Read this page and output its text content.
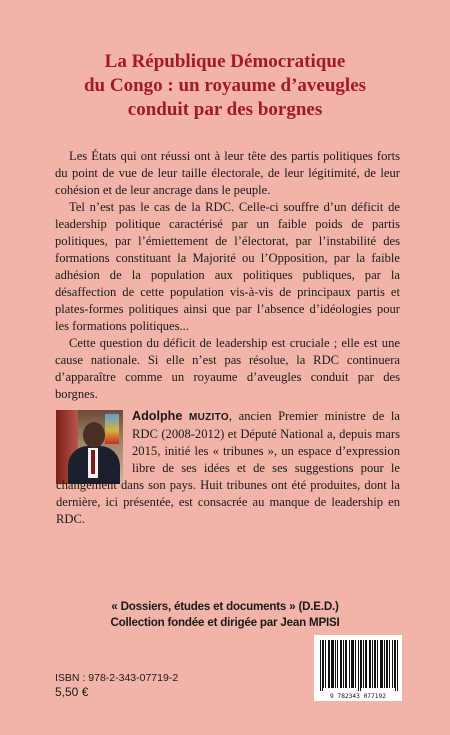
La République Démocratique
du Congo : un royaume d’aveugles
conduit par des borgnes

Les États qui ont réussi ont à leur tête des partis politiques forts du point de vue de leur taille électorale, de leur légitimité, de leur cohésion et de leur ancrage dans le peuple.

Tel n’est pas le cas de la RDC. Celle-ci souffre d’un déficit de leadership politique caractérisé par un faible poids de partis politiques, par l’émiettement de l’électorat, par l’instabilité des formations constituant la Majorité ou l’Opposition, par la faible adhésion de la population aux politiques publiques, par la désaffection de cette population vis-à-vis de principaux partis et plates-formes politiques ainsi que par l’absence d’idéologies pour les formations politiques...

Cette question du déficit de leadership est cruciale ; elle est une cause nationale. Si elle n’est pas résolue, la RDC continuera d’apparaître comme un royaume d’aveugles conduit par des borgnes.

Adolphe MUZITO, ancien Premier ministre de la RDC (2008-2012) et Député National a, depuis mars 2015, initié les « tribunes », un espace d’expression libre de ses idées et de ses suggestions pour le changement dans son pays. Huit tribunes ont été produites, dont la dernière, ici présentée, est consacrée au manque de leadership en RDC.
« Dossiers, études et documents » (D.E.D.)
Collection fondée et dirigée par Jean MPISI
ISBN : 978-2-343-07719-2
5,50 €	9 782343 077192
